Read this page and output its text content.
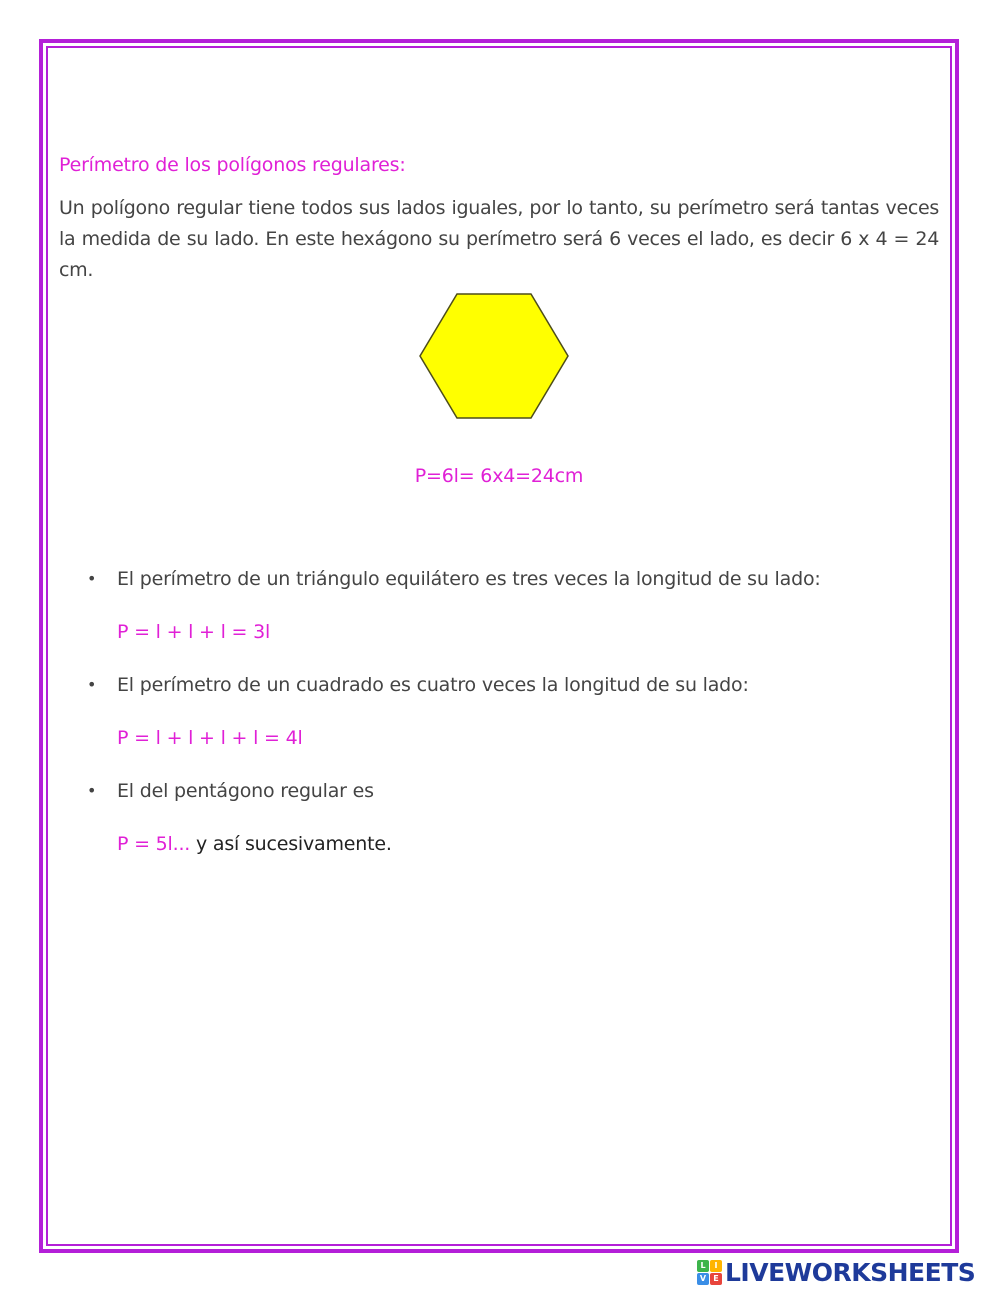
Perímetro de los polígonos regulares:

Un polígono regular tiene todos sus lados iguales, por lo tanto, su perímetro será tantas veces la medida de su lado. En este hexágono su perímetro será 6 veces el lado, es decir 6 x 4 = 24 cm.

P=6l= 6x4=24cm
• El perímetro de un triángulo equilátero es tres veces la longitud de su lado:
P = l + l + l = 3l
• El perímetro de un cuadrado es cuatro veces la longitud de su lado:
P = l + l + l + l = 4l
• El del pentágono regular es
P = 5l... y así sucesivamente.
L	I
V E LIVEWORKSHEETS
